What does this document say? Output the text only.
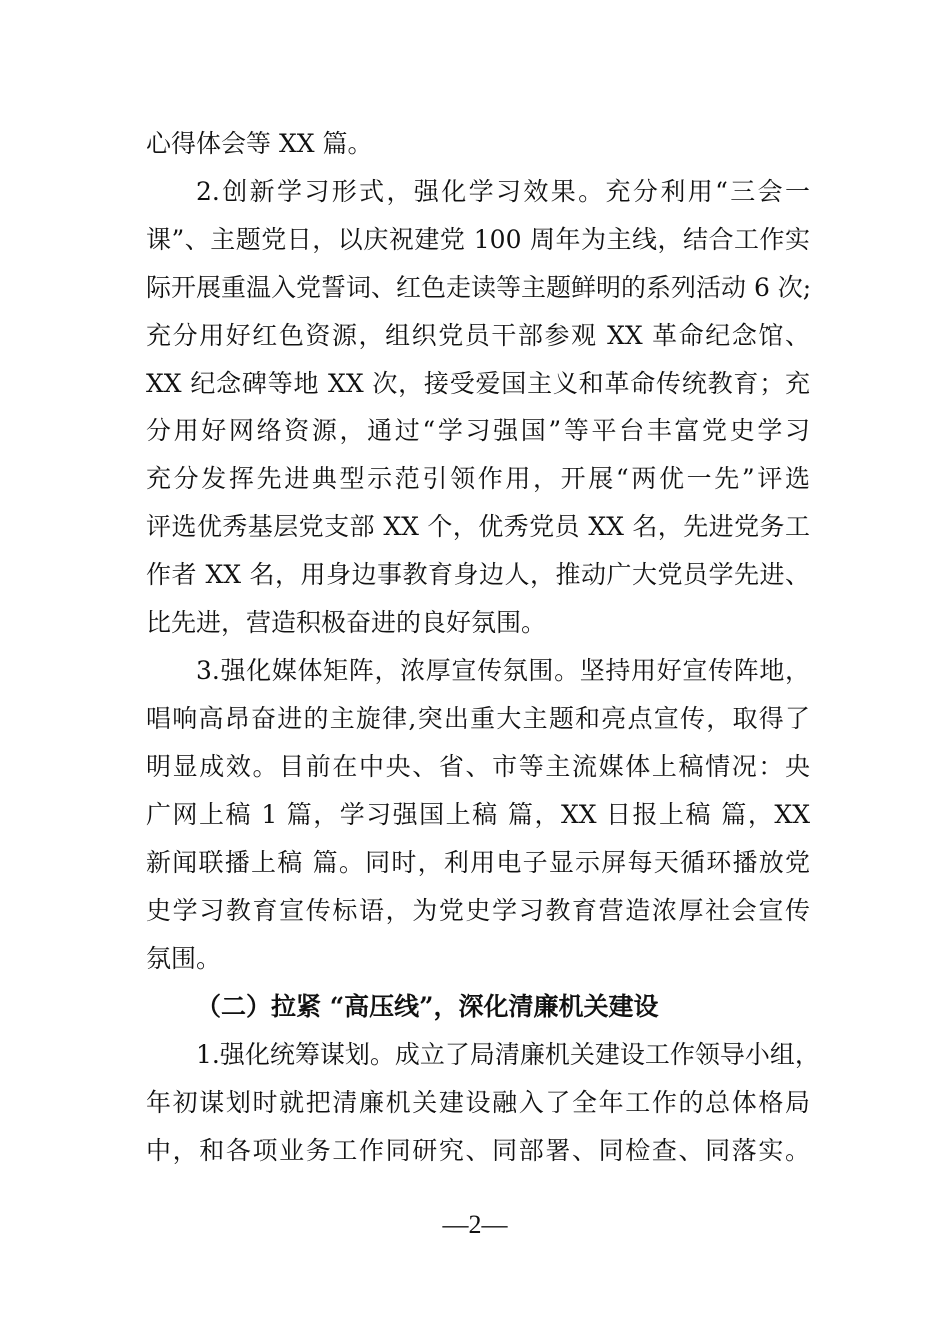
心得体会等 XX 篇。
2.创新学习形式，强化学习效果。充分利用“三会一
课”、主题党日，以庆祝建党 100 周年为主线，结合工作实
际开展重温入党誓词、红色走读等主题鲜明的系列活动 6 次;
充分用好红色资源，组织党员干部参观 XX 革命纪念馆、
XX 纪念碑等地 XX 次，接受爱国主义和革命传统教育；充
分用好网络资源，通过“学习强国”等平台丰富党史学习
充分发挥先进典型示范引领作用，开展“两优一先”评选
评选优秀基层党支部 XX 个，优秀党员 XX 名，先进党务工
作者 XX 名，用身边事教育身边人，推动广大党员学先进、
比先进，营造积极奋进的良好氛围。
3.强化媒体矩阵，浓厚宣传氛围。坚持用好宣传阵地，
唱响高昂奋进的主旋律,突出重大主题和亮点宣传，取得了
明显成效。目前在中央、省、市等主流媒体上稿情况：央
广网上稿 1 篇，学习强国上稿 篇，XX 日报上稿 篇，XX
新闻联播上稿 篇。同时，利用电子显示屏每天循环播放党
史学习教育宣传标语，为党史学习教育营造浓厚社会宣传
氛围。
（二）拉紧 “高压线”，深化清廉机关建设
1.强化统筹谋划。成立了局清廉机关建设工作领导小组，
年初谋划时就把清廉机关建设融入了全年工作的总体格局
中，和各项业务工作同研究、同部署、同检查、同落实。
—2—
